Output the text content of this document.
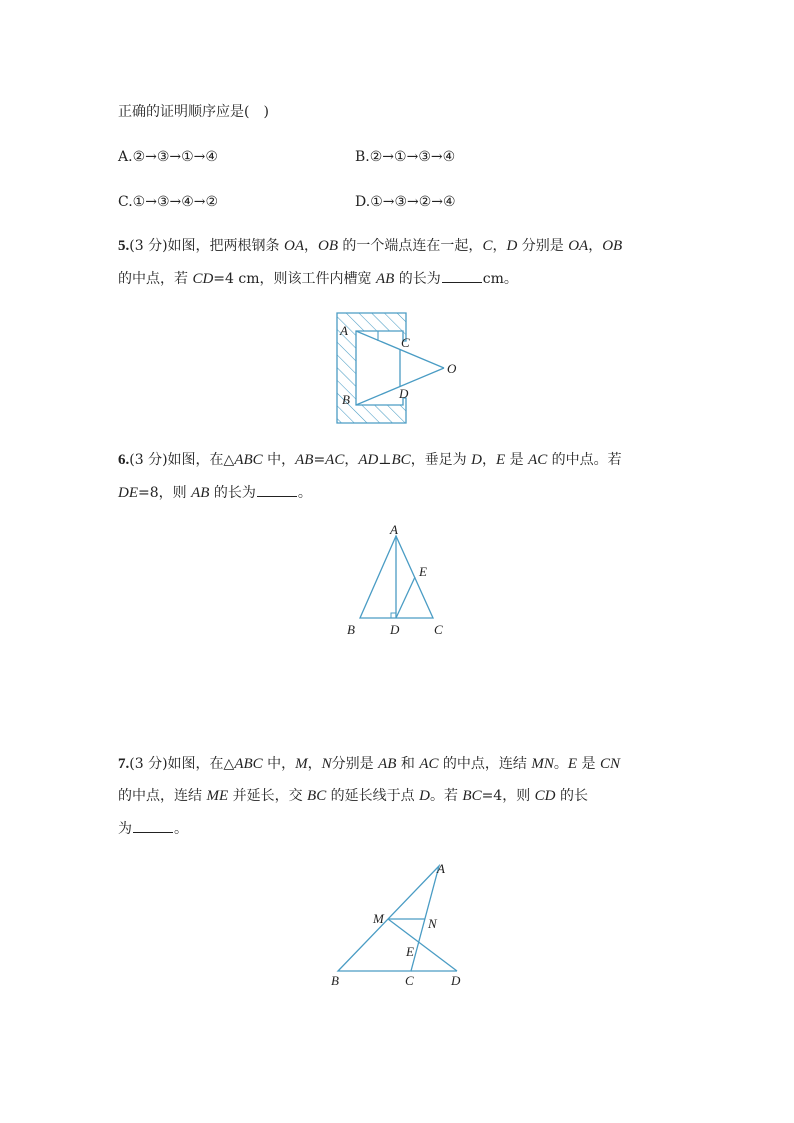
正确的证明顺序应是(　)
A.②→③→①→④	B.②→①→③→④
C.①→③→④→②	D.①→③→②→④
5.(3 分)如图，把两根钢条 OA，OB 的一个端点连在一起，C，D 分别是 OA，OB
的中点，若 CD=4 cm，则该工件内槽宽 AB 的长为	cm。
A
B
C
D
O
6.(3 分)如图，在△ABC 中，AB=AC，AD⊥BC，垂足为 D，E 是 AC 的中点。若
DE=8，则 AB 的长为	。
A
B	D	C
E
7.(3 分)如图，在△ABC 中，M，N分别是 AB 和 AC 的中点，连结 MN。E 是 CN
的中点，连结 ME 并延长，交 BC 的延长线于点 D。若 BC=4，则 CD 的长
为	。
A
M	N
E
B	C	D
